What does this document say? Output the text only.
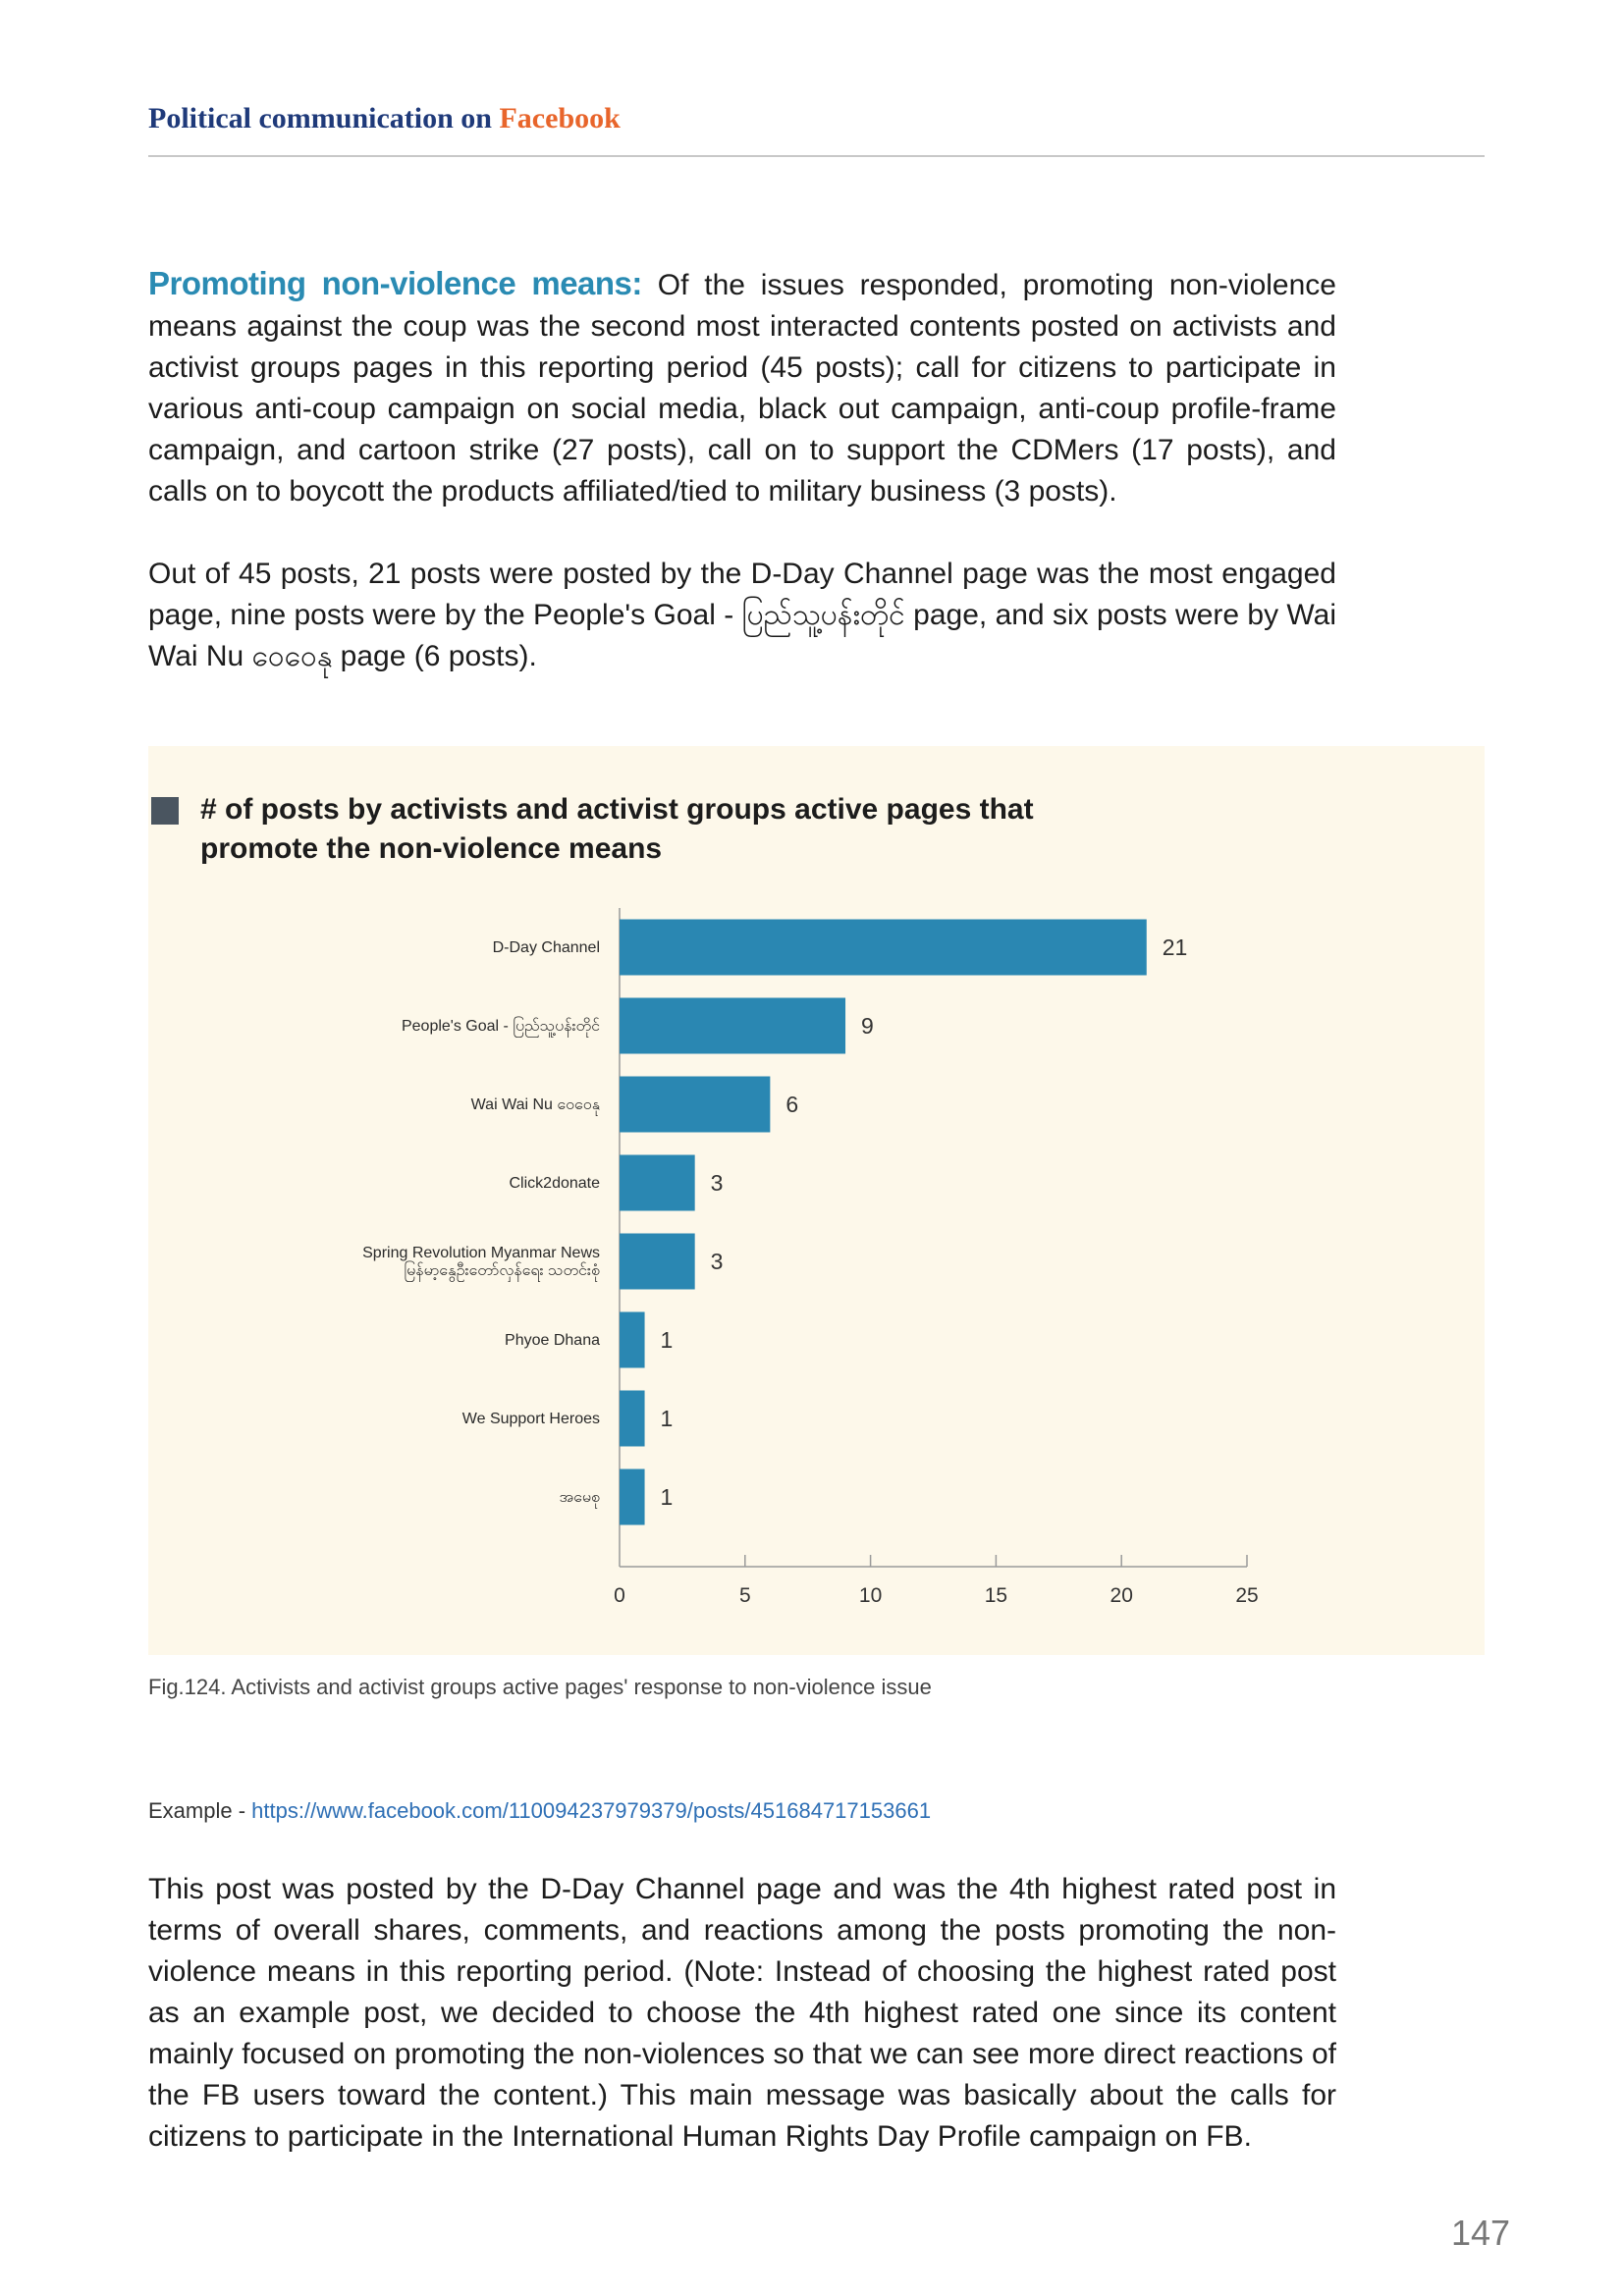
Political communication on Facebook
Promoting non-violence means: Of the issues responded, promoting non-violence means against the coup was the second most interacted contents posted on activists and activist groups pages in this reporting period (45 posts); call for citizens to participate in various anti-coup campaign on social media, black out campaign, anti-coup profile-frame campaign, and cartoon strike (27 posts), call on to support the CDMers (17 posts), and calls on to boycott the products affiliated/tied to military business (3 posts).
Out of 45 posts, 21 posts were posted by the D-Day Channel page was the most engaged page, nine posts were by the People's Goal - ပြည်သူ့ပန်းတိုင် page, and six posts were by Wai Wai Nu ဝေဝေနု page (6 posts).
# of posts by activists and activist groups active pages that promote the non-violence means
21
D-Day Channel
9
People's Goal - ပြည်သူ့ပန်းတိုင်
6
Wai Wai Nu ဝေဝေနု
3
Click2donate
3
Spring Revolution Myanmar News
မြန်မာ့နွေဦးတော်လှန်ရေး သတင်းစုံ
1
Phyoe Dhana
1
We Support Heroes
1
အမေစု
0	5	10	15	20	25
Fig.124. Activists and activist groups active pages' response to non-violence issue
Example - https://www.facebook.com/110094237979379/posts/451684717153661
This post was posted by the D-Day Channel page and was the 4th highest rated post in terms of overall shares, comments, and reactions among the posts promoting the non-violence means in this reporting period. (Note: Instead of choosing the highest rated post as an example post, we decided to choose the 4th highest rated one since its content mainly focused on promoting the non-violences so that we can see more direct reactions of the FB users toward the content.) This main message was basically about the calls for citizens to participate in the International Human Rights Day Profile campaign on FB.
147
